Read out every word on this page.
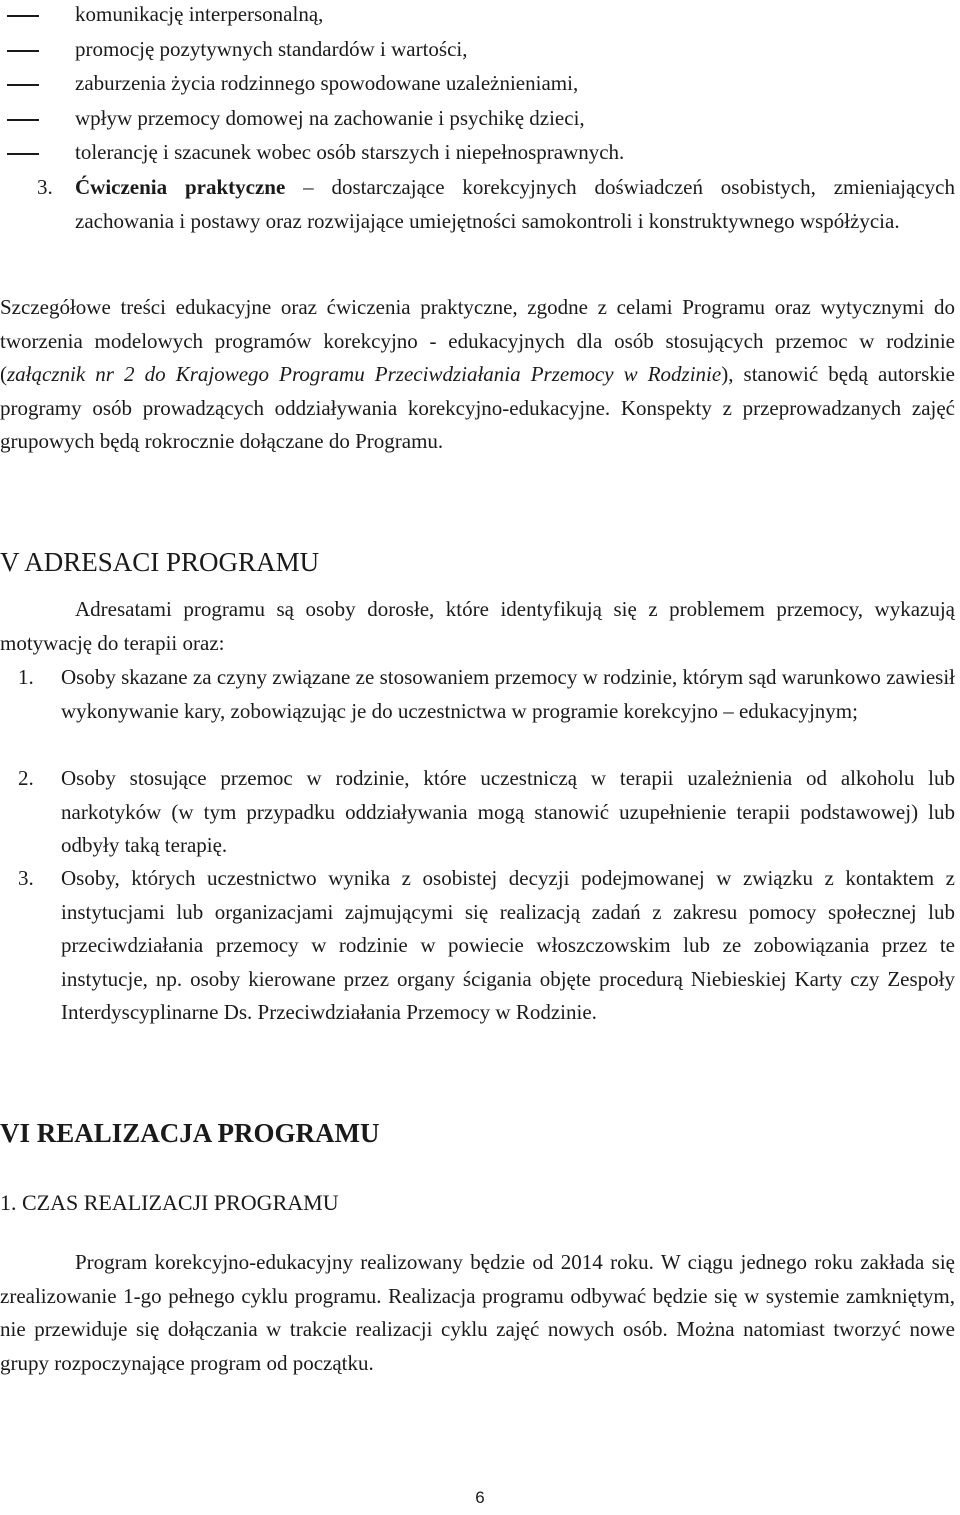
komunikację interpersonalną,
promocję pozytywnych standardów i wartości,
zaburzenia życia rodzinnego spowodowane uzależnieniami,
wpływ przemocy domowej na zachowanie i psychikę dzieci,
tolerancję i szacunek wobec osób starszych i niepełnosprawnych.
3. Ćwiczenia praktyczne – dostarczające korekcyjnych doświadczeń osobistych, zmieniających zachowania i postawy oraz rozwijające umiejętności samokontroli i konstruktywnego współżycia.
Szczegółowe treści edukacyjne oraz ćwiczenia praktyczne, zgodne z celami Programu oraz wytycznymi do tworzenia modelowych programów korekcyjno - edukacyjnych dla osób stosujących przemoc w rodzinie (załącznik nr 2 do Krajowego Programu Przeciwdziałania Przemocy w Rodzinie), stanowić będą autorskie programy osób prowadzących oddziaływania korekcyjno-edukacyjne. Konspekty z przeprowadzanych zajęć grupowych będą rokrocznie dołączane do Programu.
V ADRESACI PROGRAMU
Adresatami programu są osoby dorosłe, które identyfikują się z problemem przemocy, wykazują motywację do terapii oraz:
1. Osoby skazane za czyny związane ze stosowaniem przemocy w rodzinie, którym sąd warunkowo zawiesił wykonywanie kary, zobowiązując je do uczestnictwa w programie korekcyjno – edukacyjnym;
2. Osoby stosujące przemoc w rodzinie, które uczestniczą w terapii uzależnienia od alkoholu lub narkotyków (w tym przypadku oddziaływania mogą stanowić uzupełnienie terapii podstawowej) lub odbyły taką terapię.
3. Osoby, których uczestnictwo wynika z osobistej decyzji podejmowanej w związku z kontaktem z instytucjami lub organizacjami zajmującymi się realizacją zadań z zakresu pomocy społecznej lub przeciwdziałania przemocy w rodzinie w powiecie włoszczowskim lub ze zobowiązania przez te instytucje, np. osoby kierowane przez organy ścigania objęte procedurą Niebieskiej Karty czy Zespoły Interdyscyplinarne Ds. Przeciwdziałania Przemocy w Rodzinie.
VI REALIZACJA PROGRAMU
1. CZAS REALIZACJI PROGRAMU
Program korekcyjno-edukacyjny realizowany będzie od 2014 roku. W ciągu jednego roku zakłada się zrealizowanie 1-go pełnego cyklu programu. Realizacja programu odbywać będzie się w systemie zamkniętym, nie przewiduje się dołączania w trakcie realizacji cyklu zajęć nowych osób. Można natomiast tworzyć nowe grupy rozpoczynające program od początku.
6
